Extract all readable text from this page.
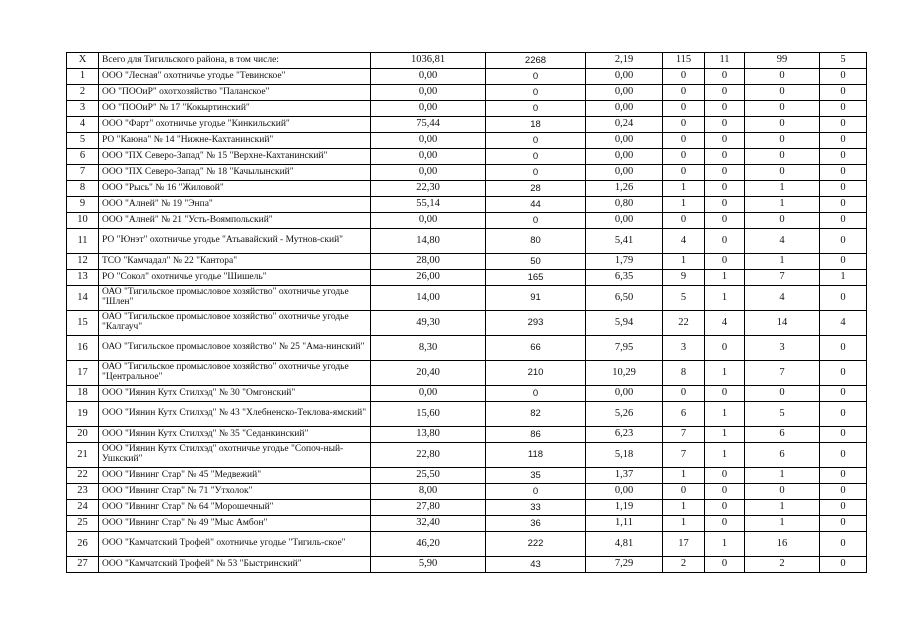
X	Всего для Тигильского района, в том числе:	1036,81	2268	2,19	115	11	99	5
1	ООО "Лесная" охотничье угодье "Тевинское"	0,00	0	0,00	0	0	0	0
2	ОО "ПООиР" охотхозяйство "Паланское"	0,00	0	0,00	0	0	0	0
3	ОО "ПООиР" № 17 "Кокыртинский"	0,00	0	0,00	0	0	0	0
4	ООО "Фарт" охотничье угодье "Кинкильский"	75,44	18	0,24	0	0	0	0
5	РО "Каюна" № 14 "Нижне-Кахтанинский"	0,00	0	0,00	0	0	0	0
6	ООО "ПХ Северо-Запад" № 15 "Верхне-Кахтанинский"	0,00	0	0,00	0	0	0	0
7	ООО "ПХ Северо-Запад" № 18 "Качылынский"	0,00	0	0,00	0	0	0	0
8	ООО "Рысь" № 16 "Жиловой"	22,30	28	1,26	1	0	1	0
9	ООО "Алней" № 19 "Энпа"	55,14	44	0,80	1	0	1	0
10	ООО "Алней" № 21 "Усть-Воямпольский"	0,00	0	0,00	0	0	0	0
11	РО "Юнэт" охотничье угодье "Атьавайский - Мутнов-ский"	14,80	80	5,41	4	0	4	0
12	ТСО "Камчадал" № 22 "Кантора"	28,00	50	1,79	1	0	1	0
13	РО "Сокол" охотничье угодье "Шишель"	26,00	165	6,35	9	1	7	1
14	ОАО "Тигильское промысловое хозяйство" охотничье угодье "Шлен"	14,00	91	6,50	5	1	4	0
15	ОАО "Тигильское промысловое хозяйство" охотничье угодье "Калгауч"	49,30	293	5,94	22	4	14	4
16	ОАО "Тигильское промысловое хозяйство" № 25 "Ама-нинский"	8,30	66	7,95	3	0	3	0
17	ОАО "Тигильское промысловое хозяйство" охотничье угодье "Центральное"	20,40	210	10,29	8	1	7	0
18	ООО "Иянин Кутх Стилхэд" № 30 "Омгонский"	0,00	0	0,00	0	0	0	0
19	ООО "Иянин Кутх Стилхэд" № 43 "Хлебненско-Теклова-ямский"	15,60	82	5,26	6	1	5	0
20	ООО "Иянин Кутх Стилхэд" № 35 "Седанкинский"	13,80	86	6,23	7	1	6	0
21	ООО "Иянин Кутх Стилхэд" охотничье угодье "Сопоч-ный-Ушкский"	22,80	118	5,18	7	1	6	0
22	ООО "Ивнинг Стар" № 45 "Медвежий"	25,50	35	1,37	1	0	1	0
23	ООО "Ивнинг Стар" № 71 "Утхолок"	8,00	0	0,00	0	0	0	0
24	ООО "Ивнинг Стар" № 64 "Морошечный"	27,80	33	1,19	1	0	1	0
25	ООО "Ивнинг Стар" № 49 "Мыс Амбон"	32,40	36	1,11	1	0	1	0
26	ООО "Камчатский Трофей" охотничье угодье "Тигиль-ское"	46,20	222	4,81	17	1	16	0
27	ООО "Камчатский Трофей" № 53 "Быстринский"	5,90	43	7,29	2	0	2	0
